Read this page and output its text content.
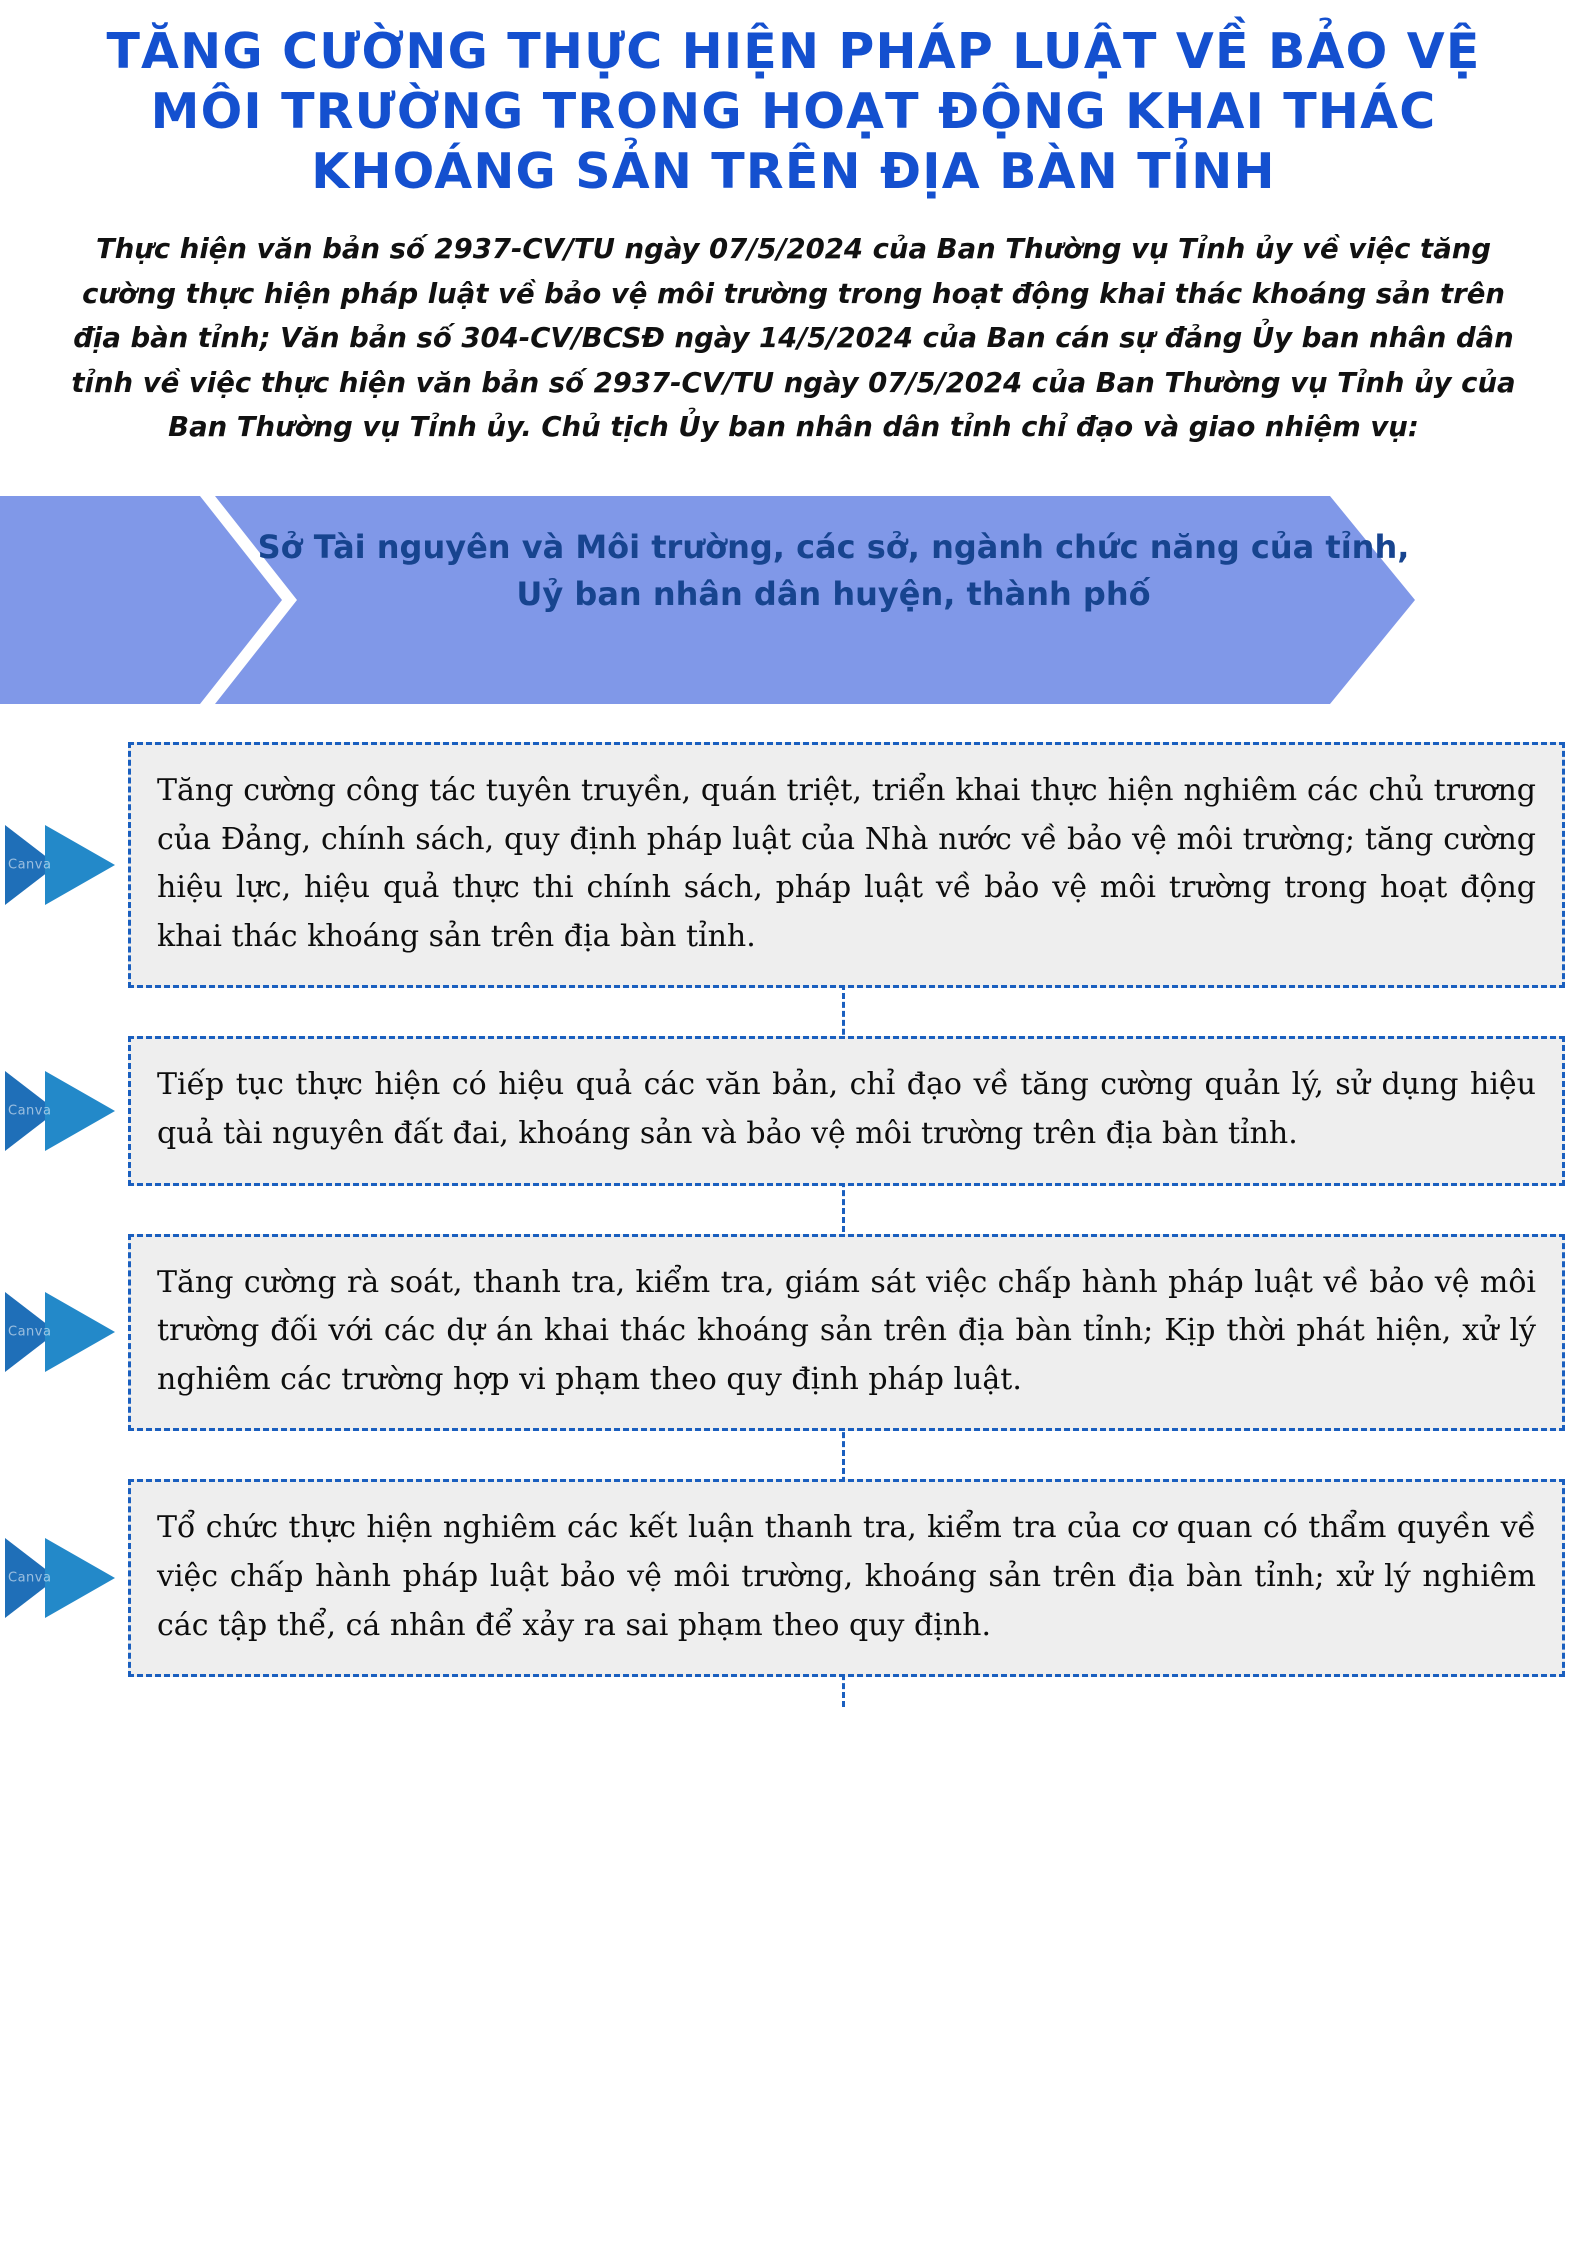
TĂNG CƯỜNG THỰC HIỆN PHÁP LUẬT VỀ BẢO VỆ MÔI TRƯỜNG TRONG HOẠT ĐỘNG KHAI THÁC KHOÁNG SẢN TRÊN ĐỊA BÀN TỈNH
Thực hiện văn bản số 2937-CV/TU ngày 07/5/2024 của Ban Thường vụ Tỉnh ủy về việc tăng cường thực hiện pháp luật về bảo vệ môi trường trong hoạt động khai thác khoáng sản trên địa bàn tỉnh; Văn bản số 304-CV/BCSĐ ngày 14/5/2024 của Ban cán sự đảng Ủy ban nhân dân tỉnh về việc thực hiện văn bản số 2937-CV/TU ngày 07/5/2024 của Ban Thường vụ Tỉnh ủy của Ban Thường vụ Tỉnh ủy. Chủ tịch Ủy ban nhân dân tỉnh chỉ đạo và giao nhiệm vụ:
Sở Tài nguyên và Môi trường, các sở, ngành chức năng của tỉnh, Uỷ ban nhân dân huyện, thành phố
Canva

Tăng cường công tác tuyên truyền, quán triệt, triển khai thực hiện nghiêm các chủ trương của Đảng, chính sách, quy định pháp luật của Nhà nước về bảo vệ môi trường; tăng cường hiệu lực, hiệu quả thực thi chính sách, pháp luật về bảo vệ môi trường trong hoạt động khai thác khoáng sản trên địa bàn tỉnh.

Canva

Tiếp tục thực hiện có hiệu quả các văn bản, chỉ đạo về tăng cường quản lý, sử dụng hiệu quả tài nguyên đất đai, khoáng sản và bảo vệ môi trường trên địa bàn tỉnh.

Canva

Tăng cường rà soát, thanh tra, kiểm tra, giám sát việc chấp hành pháp luật về bảo vệ môi trường đối với các dự án khai thác khoáng sản trên địa bàn tỉnh; Kịp thời phát hiện, xử lý nghiêm các trường hợp vi phạm theo quy định pháp luật.

Canva

Tổ chức thực hiện nghiêm các kết luận thanh tra, kiểm tra của cơ quan có thẩm quyền về việc chấp hành pháp luật bảo vệ môi trường, khoáng sản trên địa bàn tỉnh; xử lý nghiêm các tập thể, cá nhân để xảy ra sai phạm theo quy định.
